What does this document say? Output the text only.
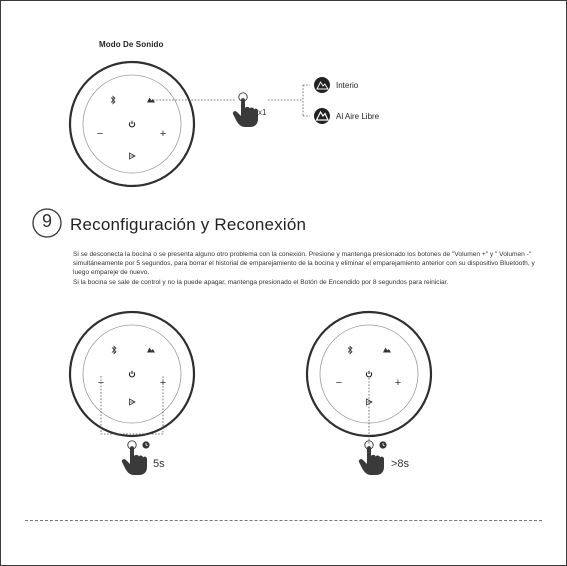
Modo De Sonido
−	+
−	+	−	+
x1
Interio
Al Aire Libre
9 Reconfiguración y Reconexión

Si se desconecta la bocina o se presenta alguno otro problema con la conexión. Presione y mantenga presionado los botones de "Volumen +" y " Volumen -" simultáneamente por 5 segundos, para borrar el historial de emparejamiento de la bocina y eliminar el emparejamiento anterior con su dispositivo Bluetooth, y luego empareje de nuevo.

Si la bocina se sale de control y no la puede apagar, mantenga presionado el Botón de Encendido por 8 segundos para reiniciar.

5s	>8s
